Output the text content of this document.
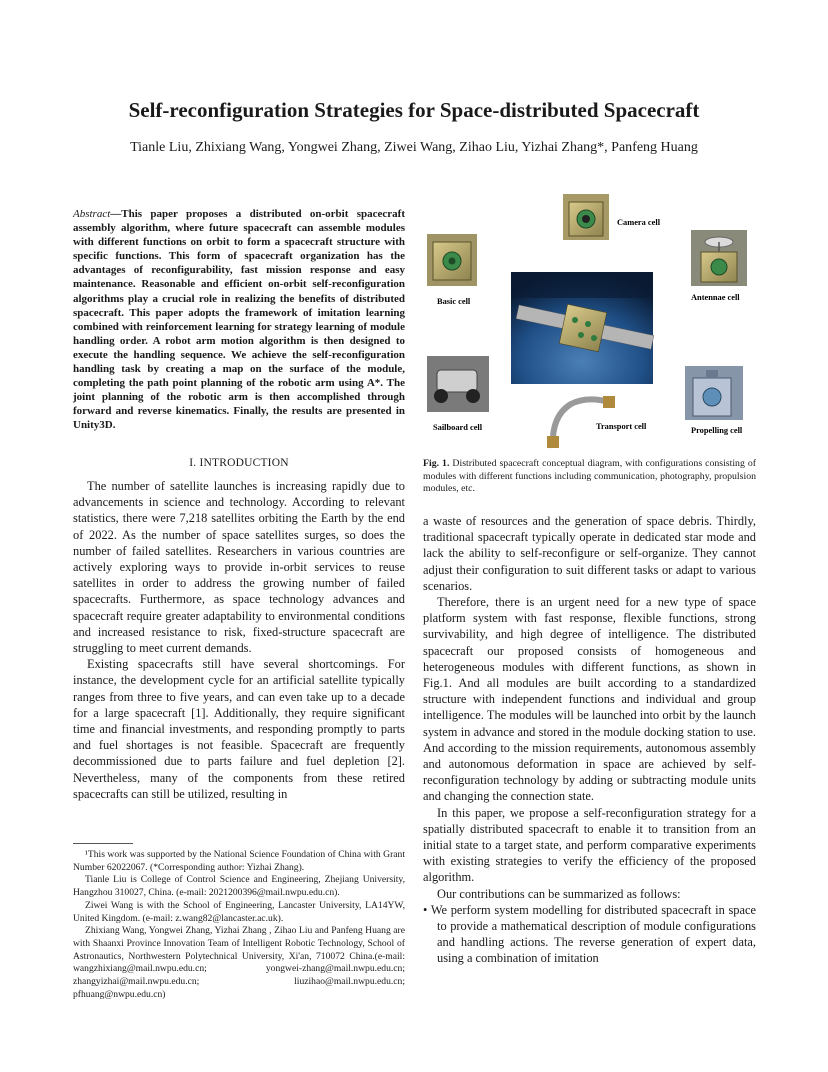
Self-reconfiguration Strategies for Space-distributed Spacecraft

Tianle Liu, Zhixiang Wang, Yongwei Zhang, Ziwei Wang, Zihao Liu, Yizhai Zhang*, Panfeng Huang

Abstract—This paper proposes a distributed on-orbit spacecraft assembly algorithm, where future spacecraft can assemble modules with different functions on orbit to form a spacecraft structure with specific functions. This form of spacecraft organization has the advantages of reconfigurability, fast mission response and easy maintenance. Reasonable and efficient on-orbit self-reconfiguration algorithms play a crucial role in realizing the benefits of distributed spacecraft. This paper adopts the framework of imitation learning combined with reinforcement learning for strategy learning of module handling order. A robot arm motion algorithm is then designed to execute the handling sequence. We achieve the self-reconfiguration handling task by creating a map on the surface of the module, completing the path point planning of the robotic arm using A*. The joint planning of the robotic arm is then accomplished through forward and reverse kinematics. Finally, the results are presented in Unity3D.

I. INTRODUCTION

The number of satellite launches is increasing rapidly due to advancements in science and technology. According to relevant statistics, there were 7,218 satellites orbiting the Earth by the end of 2022. As the number of space satellites surges, so does the number of failed satellites. Researchers in various countries are actively exploring ways to provide in-orbit services to reuse satellites in order to address the growing number of failed spacecrafts. Furthermore, as space technology advances and spacecraft require greater adaptability to environmental conditions and increased resistance to risk, fixed-structure spacecraft are struggling to meet current demands.

Existing spacecrafts still have several shortcomings. For instance, the development cycle for an artificial satellite typically ranges from three to five years, and can even take up to a decade for a large spacecraft [1]. Additionally, they require significant time and financial investments, and responding promptly to parts and fuel shortages is not feasible. Spacecraft are frequently decommissioned due to parts failure and fuel depletion [2]. Nevertheless, many of the components from these retired spacecrafts can still be utilized, resulting in

¹This work was supported by the National Science Foundation of China with Grant Number 62022067. (*Corresponding author: Yizhai Zhang).

Tianle Liu is College of Control Science and Engineering, Zhejiang University, Hangzhou 310027, China. (e-mail: 2021200396@mail.nwpu.edu.cn).

Ziwei Wang is with the School of Engineering, Lancaster University, LA14YW, United Kingdom. (e-mail: z.wang82@lancaster.ac.uk).

Zhixiang Wang, Yongwei Zhang, Yizhai Zhang , Zihao Liu and Panfeng Huang are with Shaanxi Province Innovation Team of Intelligent Robotic Technology, School of Astronautics, Northwestern Polytechnical University, Xi'an, 710072 China.(e-mail: wangzhixiang@mail.nwpu.edu.cn; yongwei-zhang@mail.nwpu.edu.cn; zhangyizhai@mail.nwpu.edu.cn; liuzihao@mail.nwpu.edu.cn; pfhuang@nwpu.edu.cn)

Camera cell
Basic cell	Antennae cell
Sailboard cell	Transport cell	Propelling cell

Fig. 1. Distributed spacecraft conceptual diagram, with configurations consisting of modules with different functions including communication, photography, propulsion modules, etc.

a waste of resources and the generation of space debris. Thirdly, traditional spacecraft typically operate in dedicated star mode and lack the ability to self-reconfigure or self-organize. They cannot adjust their configuration to suit different tasks or adapt to various scenarios.

Therefore, there is an urgent need for a new type of space platform system with fast response, flexible functions, strong survivability, and high degree of intelligence. The distributed spacecraft our proposed consists of homogeneous and heterogeneous modules with different functions, as shown in Fig.1. And all modules are built according to a standardized structure with independent functions and individual and group intelligence. The modules will be launched into orbit by the launch system in advance and stored in the module docking station to use. And according to the mission requirements, autonomous assembly and autonomous deformation in space are achieved by self-reconfiguration technology by adding or subtracting module units and changing the connection state.

In this paper, we propose a self-reconfiguration strategy for a spatially distributed spacecraft to enable it to transition from an initial state to a target state, and perform comparative experiments with existing strategies to verify the efficiency of the proposed algorithm.

Our contributions can be summarized as follows:

• We perform system modelling for distributed spacecraft in space to provide a mathematical description of module configurations and handling actions. The reverse generation of expert data, using a combination of imitation
